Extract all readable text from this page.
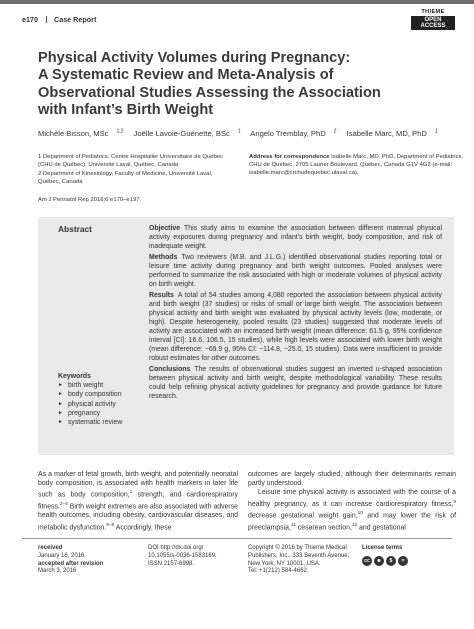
e170 Case Report
THIEME
OPEN
ACCESS
Physical Activity Volumes during Pregnancy:
A Systematic Review and Meta-Analysis of
Observational Studies Assessing the Association
with Infant’s Birth Weight
Michèle Bisson, MSc $^{1,2}$ Joëlle Lavoie-Guénette, BSc $^1$ Angelo Tremblay, PhD $^2$ Isabelle Marc, MD, PhD $^1$
1 Department of Pediatrics, Centre Hospitalier Universitaire de Québec (CHU de Québec), Université Laval, Québec, Canada
2 Department of Kinesiology, Faculty of Medicine, Université Laval, Québec, Canada
Address for correspondence Isabelle Marc, MD, PhD, Department of Pediatrics, CHU de Québec, 2705 Laurier Boulevard, Québec, Canada G1V 4G2 (e-mail: isabelle.marc@crchudequebec.ulaval.ca).
Am J Perinatol Rep 2016;6:e170–e197.
Abstract	Objective This study aims to examine the association between different maternal physical activity exposures during pregnancy and infant’s birth weight, body composition, and risk of inadequate weight.

Methods Two reviewers (M.B. and J.L.G.) identified observational studies reporting total or leisure time activity during pregnancy and birth weight outcomes. Pooled analyses were performed to summarize the risk associated with high or moderate volumes of physical activity on birth weight.

Results A total of 54 studies among 4,080 reported the association between physical activity and birth weight (37 studies) or risks of small or large birth weight. The association between physical activity and birth weight was evaluated by physical activity levels (low, moderate, or high). Despite heterogeneity, pooled results (23 studies) suggested that moderate levels of activity are associated with an increased birth weight (mean difference: 61.5 g, 95% confidence interval [CI]: 16.6, 106.5, 15 studies), while high levels were associated with lower birth weight (mean difference: −69.9 g, 95% CI: −114.8, −25.0, 15 studies). Data were insufficient to provide robust estimates for other outcomes.

Conclusions The results of observational studies suggest an inverted u-shaped association between physical activity and birth weight, despite methodological variability. These results could help refining physical activity guidelines for pregnancy and provide guidance for future research.

Keywords
► birth weight
► body composition
► physical activity
► pregnancy
► systematic review
As a marker of fetal growth, birth weight, and potentially neonatal body composition, is associated with health markers in later life such as body composition,$^1$ strength, and cardiorespiratory fitness.$^{2-4}$ Birth weight extremes are also associated with adverse health outcomes, including obesity, cardiovascular diseases, and metabolic dysfunction.$^{5-8}$ Accordingly, these
outcomes are largely studied, although their determinants remain partly understood.
Leisure time physical activity is associated with the course of a healthy pregnancy, as it can increase cardiorespiratory fitness,$^9$ decrease gestational weight gain,$^{10}$ and may lower the risk of preeclampsia,$^{11}$ cesarean section,$^{12}$ and gestational
received
January 16, 2016
accepted after revision
March 3, 2016
DOI http://dx.doi.org/
10.1055/s-0036-1583169.
ISSN 2157-6998.
Copyright © 2016 by Thieme Medical
Publishers, Inc., 333 Seventh Avenue,
New York, NY 10001, USA.
Tel: +1(212) 584-4662.
License terms
cc	☻	$	=
